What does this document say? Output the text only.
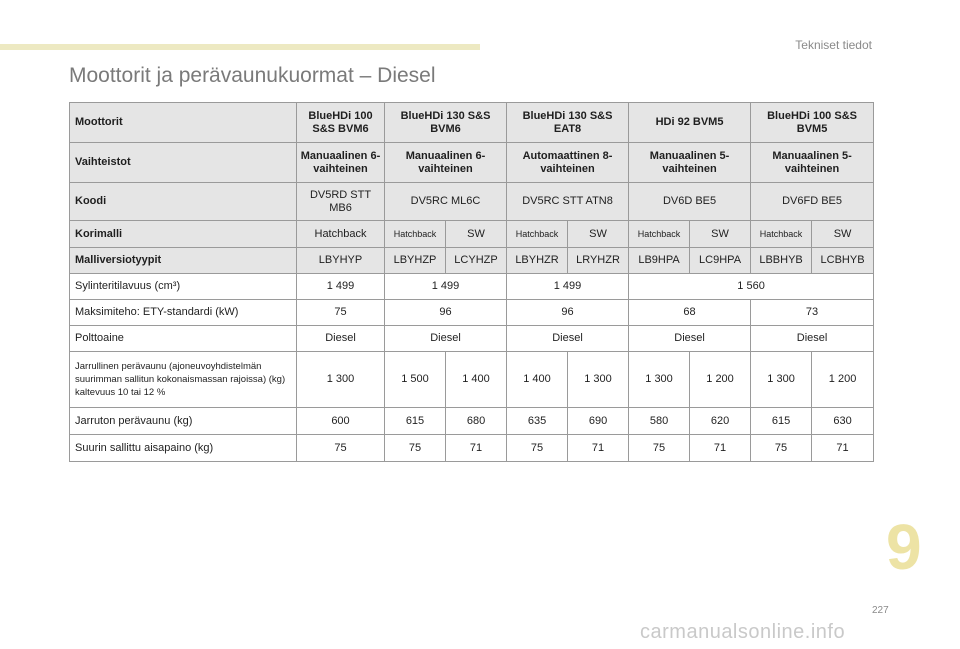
Tekniset tiedot
Moottorit ja perävaunukuormat – Diesel
Moottorit	BlueHDi 100 S&S BVM6	BlueHDi 130 S&S BVM6		BlueHDi 130 S&S EAT8		HDi 92 BVM5		BlueHDi 100 S&S BVM5	
Vaihteistot	Manuaalinen 6-vaihteinen	Manuaalinen 6-vaihteinen		Automaattinen 8-vaihteinen		Manuaalinen 5-vaihteinen		Manuaalinen 5-vaihteinen	
Koodi	DV5RD STT MB6	DV5RC ML6C		DV5RC STT ATN8		DV6D BE5		DV6FD BE5	
Korimalli	Hatchback	Hatchback	SW	Hatchback	SW	Hatchback	SW	Hatchback	SW
Malliversiotyypit	LBYHYP	LBYHZP	LCYHZP	LBYHZR	LRYHZR	LB9HPA	LC9HPA	LBBHYB	LCBHYB
Sylinteritilavuus (cm³)	1 499	1 499		1 499		1 560			
Maksimiteho: ETY-standardi (kW)	75	96		96		68		73	
Polttoaine	Diesel	Diesel		Diesel		Diesel		Diesel	
Jarrullinen perävaunu (ajoneuvoyhdistelmän suurimman sallitun kokonaismassan rajoissa) (kg) kaltevuus 10 tai 12 %	1 300	1 500	1 400	1 400	1 300	1 300	1 200	1 300	1 200
Jarruton perävaunu (kg)	600	615	680	635	690	580	620	615	630
Suurin sallittu aisapaino (kg)	75	75	71	75	71	75	71	75	71
9
227
carmanualsonline.info
